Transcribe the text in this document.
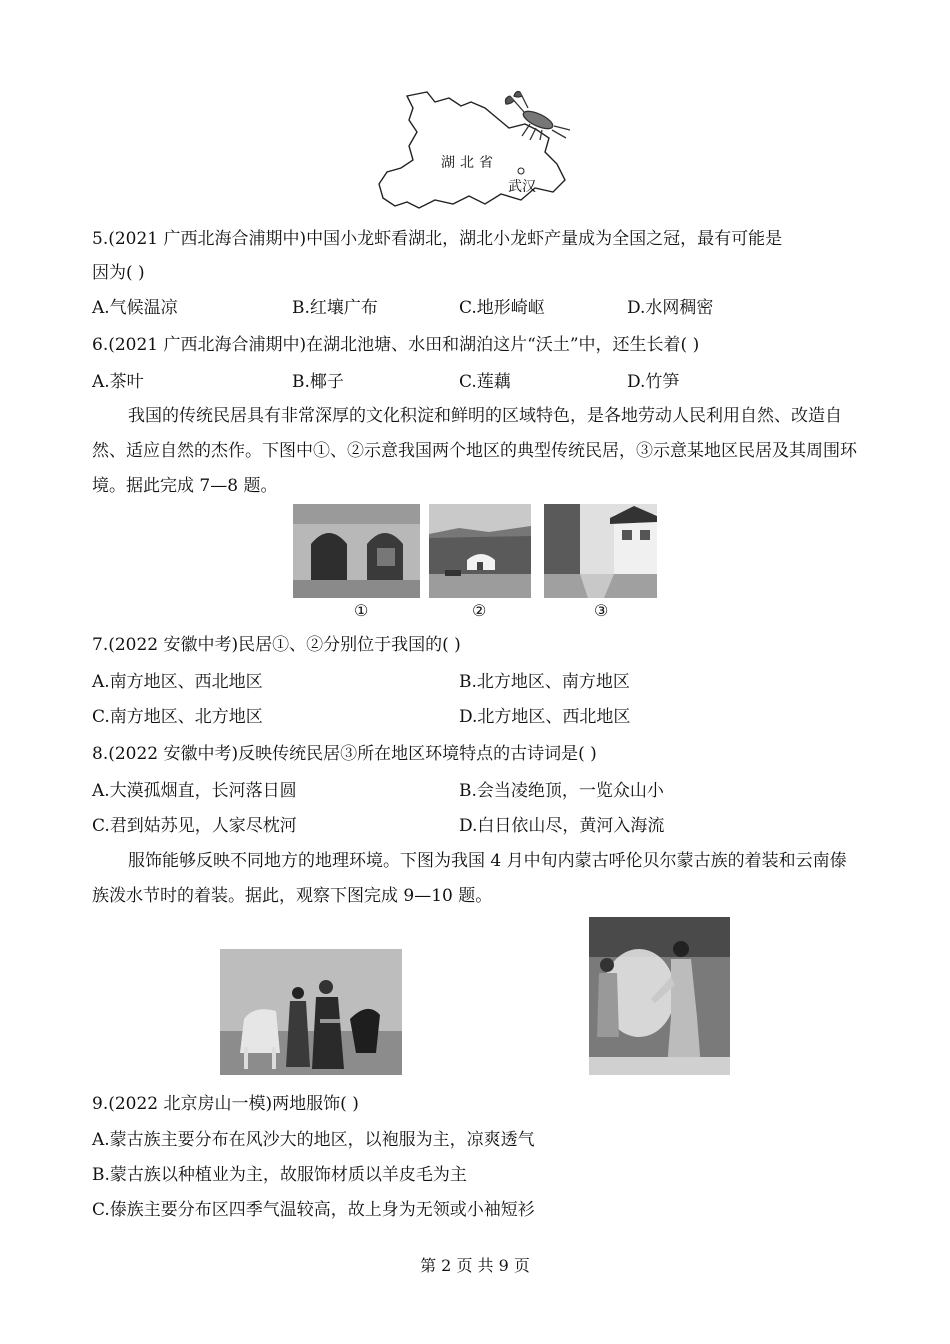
湖北省
武汉
5.(2021 广西北海合浦期中)中国小龙虾看湖北，湖北小龙虾产量成为全国之冠，最有可能是
因为( )
A.气候温凉	B.红壤广布	C.地形崎岖	D.水网稠密
6.(2021 广西北海合浦期中)在湖北池塘、水田和湖泊这片“沃土”中，还生长着( )
A.茶叶	B.椰子	C.莲藕	D.竹笋
我国的传统民居具有非常深厚的文化积淀和鲜明的区域特色，是各地劳动人民利用自然、改造自然、适应自然的杰作。下图中①、②示意我国两个地区的典型传统民居，③示意某地区民居及其周围环境。据此完成 7—8 题。
①	②	③
7.(2022 安徽中考)民居①、②分别位于我国的( )
A.南方地区、西北地区	B.北方地区、南方地区
C.南方地区、北方地区	D.北方地区、西北地区
8.(2022 安徽中考)反映传统民居③所在地区环境特点的古诗词是( )
A.大漠孤烟直，长河落日圆	B.会当凌绝顶，一览众山小
C.君到姑苏见，人家尽枕河	D.白日依山尽，黄河入海流
服饰能够反映不同地方的地理环境。下图为我国 4 月中旬内蒙古呼伦贝尔蒙古族的着装和云南傣族泼水节时的着装。据此，观察下图完成 9—10 题。
9.(2022 北京房山一模)两地服饰( )
A.蒙古族主要分布在风沙大的地区，以袍服为主，凉爽透气
B.蒙古族以种植业为主，故服饰材质以羊皮毛为主
C.傣族主要分布区四季气温较高，故上身为无领或小袖短衫
第 2 页 共 9 页
